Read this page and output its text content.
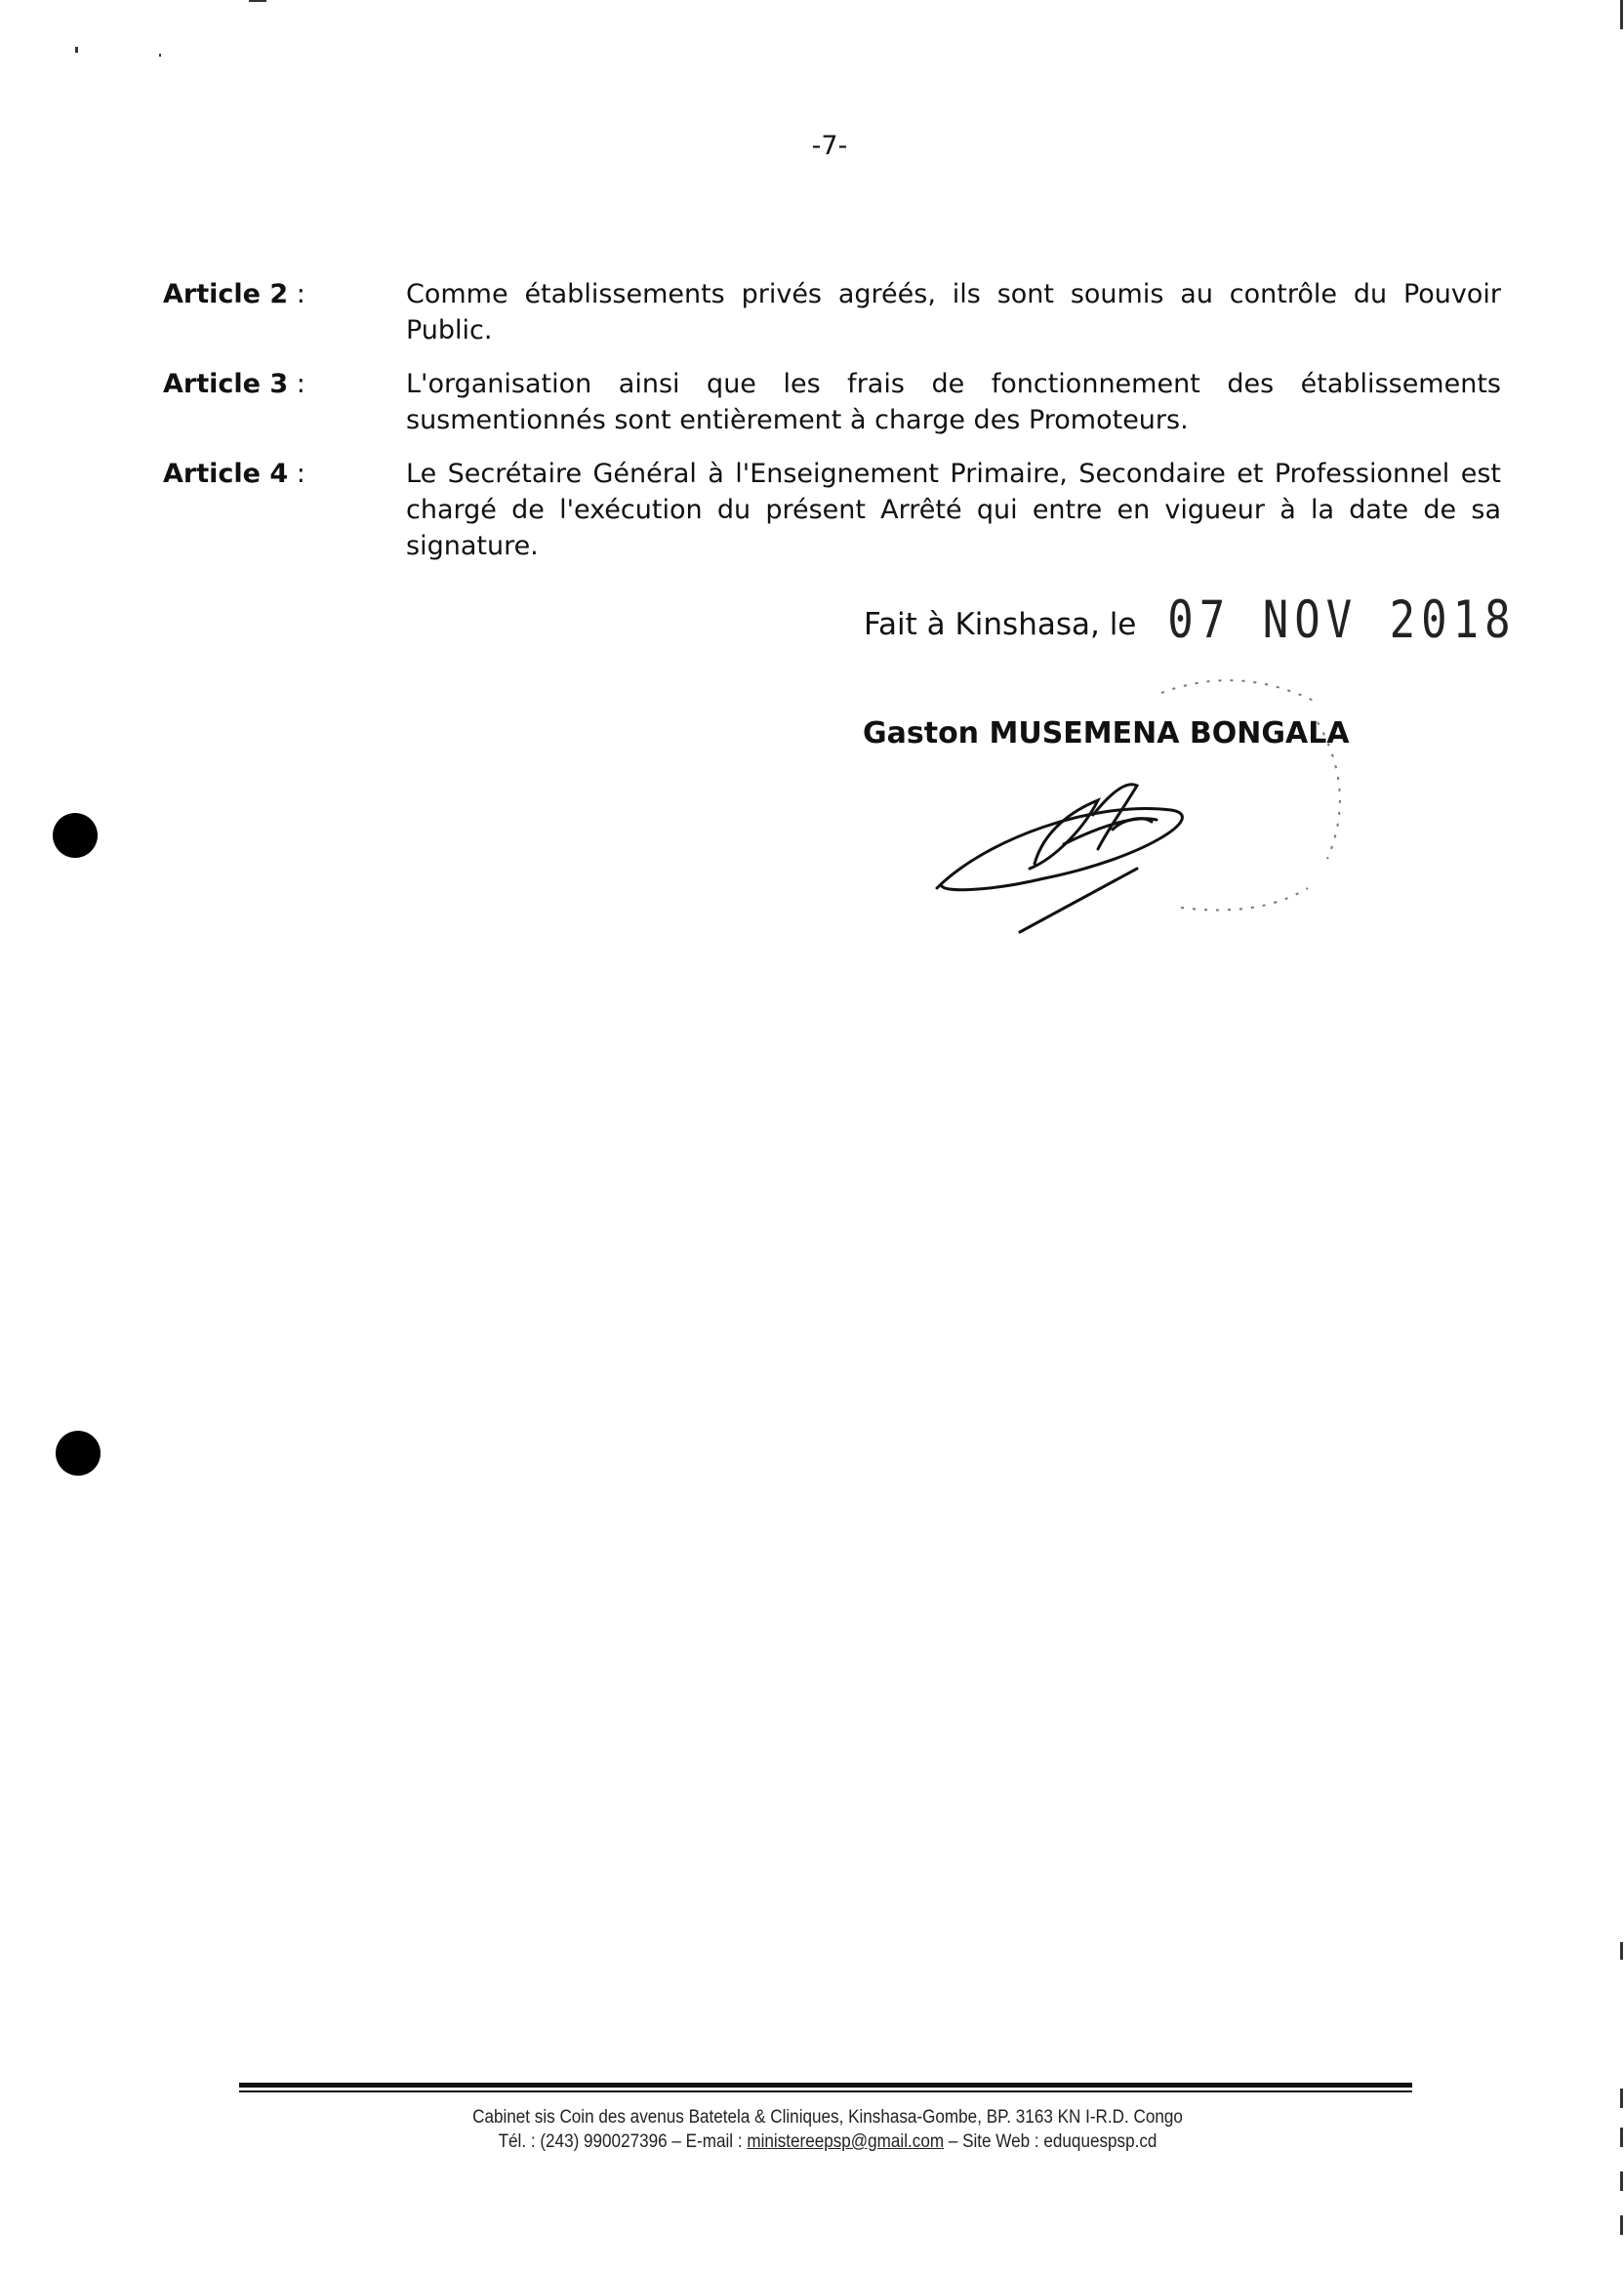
-7-
Article 2 :	Comme établissements privés agréés, ils sont soumis au contrôle du Pouvoir Public.
Article 3 :	L'organisation ainsi que les frais de fonctionnement des établissements susmentionnés sont entièrement à charge des Promoteurs.
Article 4 :	Le Secrétaire Général à l'Enseignement Primaire, Secondaire et Professionnel est chargé de l'exécution du présent Arrêté qui entre en vigueur à la date de sa signature.
Fait à Kinshasa, le 07 NOV 2018
Gaston MUSEMENA BONGALA
Cabinet sis Coin des avenus Batetela & Cliniques, Kinshasa-Gombe, BP. 3163 KN I-R.D. Congo
Tél. : (243) 990027396 – E-mail : ministereepsp@gmail.com – Site Web : eduquespsp.cd
